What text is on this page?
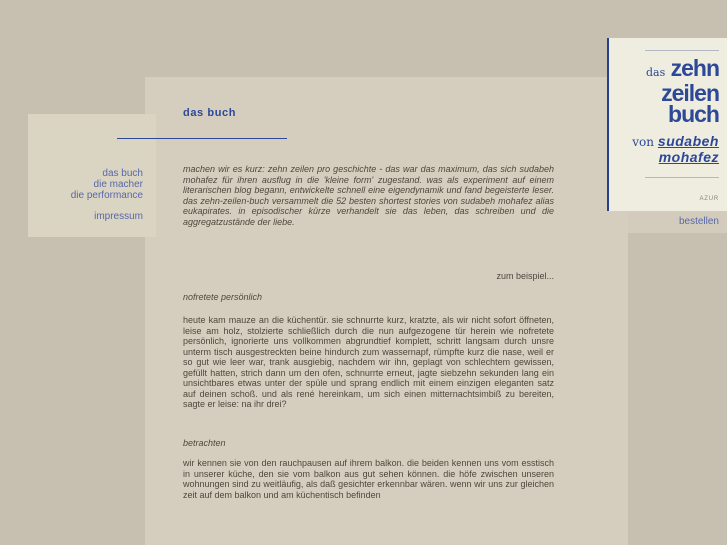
das buch
die macher
die performance
impressum
das buch

machen wir es kurz: zehn zeilen pro geschichte - das war das maximum, das sich sudabeh mohafez für ihren ausflug in die 'kleine form' zugestand. was als experiment auf einem literarischen blog begann, entwickelte schnell eine eigendynamik und fand begeisterte leser. das zehn-zeilen-buch versammelt die 52 besten shortest stories von sudabeh mohafez alias eukapirates. in episodischer kürze verhandelt sie das leben, das schreiben und die aggregatzustände der liebe.

zum beispiel...

nofretete persönlich

heute kam mauze an die küchentür. sie schnurrte kurz, kratzte, als wir nicht sofort öffneten, leise am holz, stolzierte schließlich durch die nun aufgezogene tür herein wie nofretete persönlich, ignorierte uns vollkommen abgrundtief komplett, schritt langsam durch unsre unterm tisch ausgestreckten beine hindurch zum wassernapf, rümpfte kurz die nase, weil er so gut wie leer war, trank ausgiebig, nachdem wir ihn, geplagt von schlechtem gewissen, gefüllt hatten, strich dann um den ofen, schnurrte erneut, jagte siebzehn sekunden lang ein unsichtbares etwas unter der spüle und sprang endlich mit einem einzigen eleganten satz auf deinen schoß. und als rené hereinkam, um sich einen mitternachtsimbiß zu bereiten, sagte er leise: na ihr drei?

betrachten

wir kennen sie von den rauchpausen auf ihrem balkon. die beiden kennen uns vom esstisch in unserer küche, den sie vom balkon aus gut sehen können. die höfe zwischen unseren wohnungen sind zu weitläufig, als daß gesichter erkennbar wären. wenn wir uns zur gleichen zeit auf dem balkon und am küchentisch befinden

das zehn
zeilen
buch
von sudabeh
mohafez
AZUR
bestellen
